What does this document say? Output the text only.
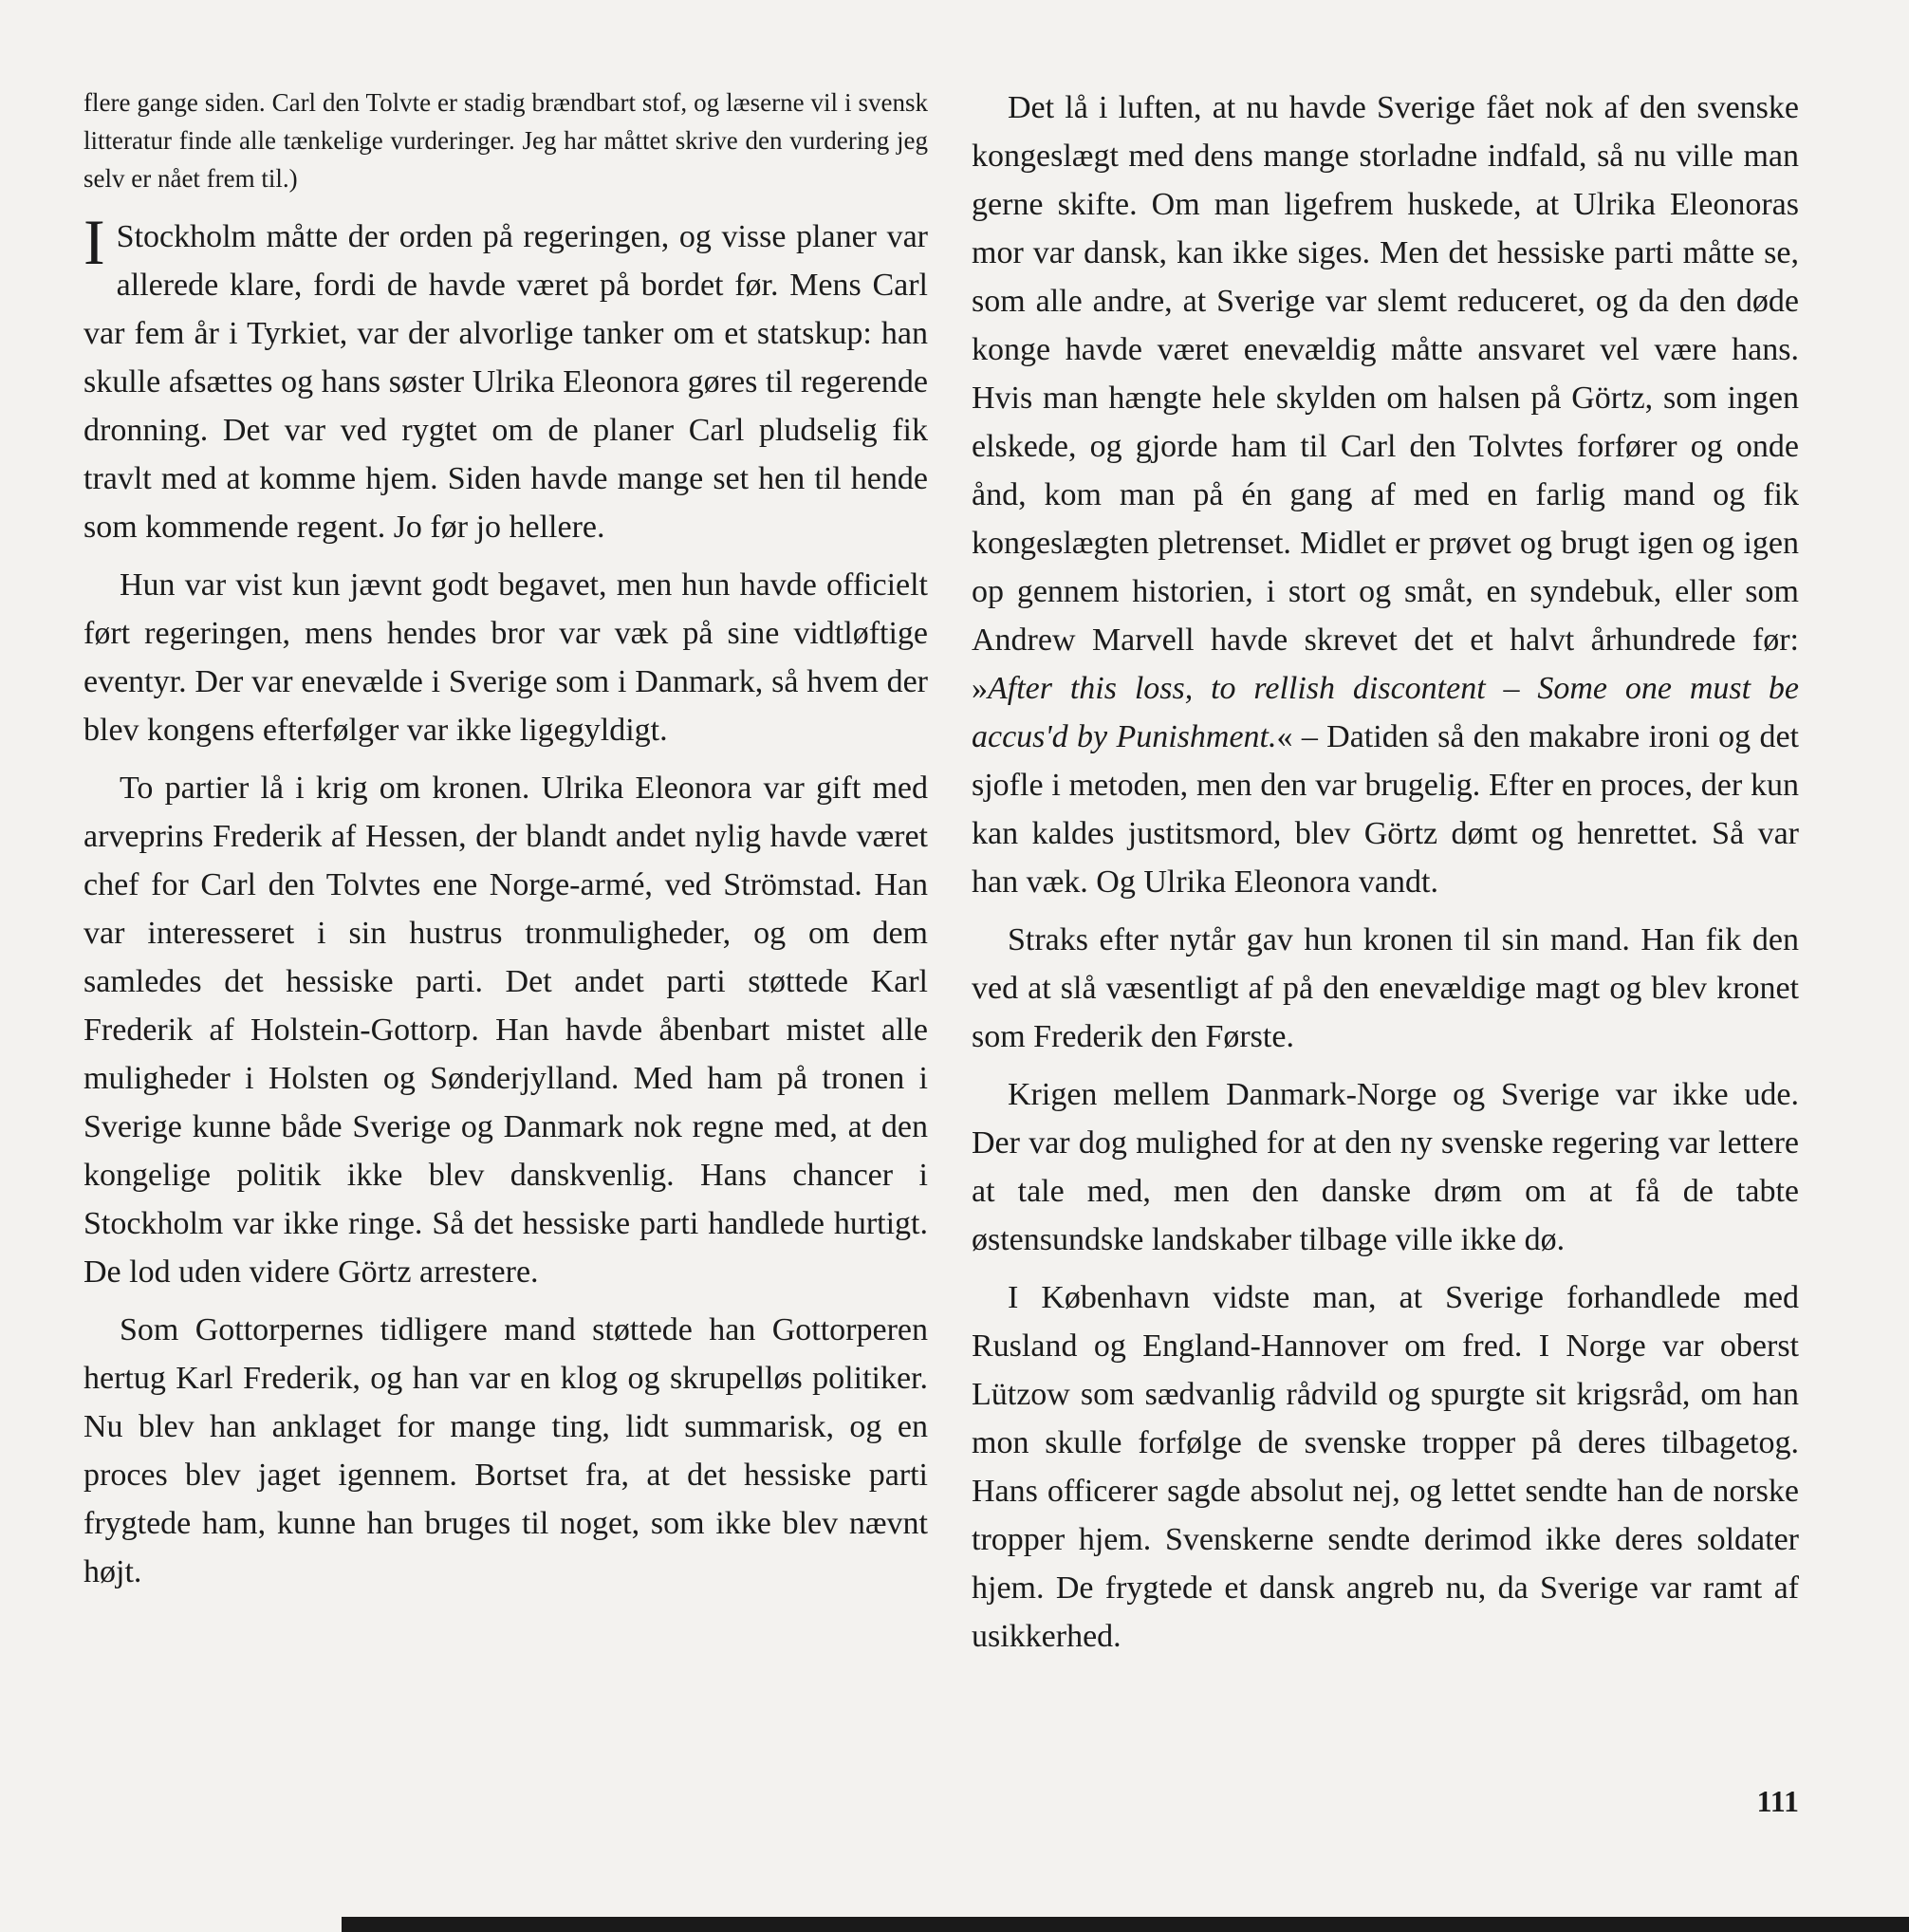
flere gange siden. Carl den Tolvte er stadig brændbart stof, og læserne vil i svensk litteratur finde alle tænkelige vurderinger. Jeg har måttet skrive den vurdering jeg selv er nået frem til.)

I Stockholm måtte der orden på regeringen, og visse planer var allerede klare, fordi de havde været på bordet før. Mens Carl var fem år i Tyrkiet, var der alvorlige tanker om et statskup: han skulle afsættes og hans søster Ulrika Eleonora gøres til regerende dronning. Det var ved rygtet om de planer Carl pludselig fik travlt med at komme hjem. Siden havde mange set hen til hende som kommende regent. Jo før jo hellere.

Hun var vist kun jævnt godt begavet, men hun havde officielt ført regeringen, mens hendes bror var væk på sine vidtløftige eventyr. Der var enevælde i Sverige som i Danmark, så hvem der blev kongens efterfølger var ikke ligegyldigt.

To partier lå i krig om kronen. Ulrika Eleonora var gift med arveprins Frederik af Hessen, der blandt andet nylig havde været chef for Carl den Tolvtes ene Norge-armé, ved Strömstad. Han var interesseret i sin hustrus tronmuligheder, og om dem samledes det hessiske parti. Det andet parti støttede Karl Frederik af Holstein-Gottorp. Han havde åbenbart mistet alle muligheder i Holsten og Sønderjylland. Med ham på tronen i Sverige kunne både Sverige og Danmark nok regne med, at den kongelige politik ikke blev danskvenlig. Hans chancer i Stockholm var ikke ringe. Så det hessiske parti handlede hurtigt. De lod uden videre Görtz arrestere.

Som Gottorpernes tidligere mand støttede han Gottorperen hertug Karl Frederik, og han var en klog og skrupelløs politiker. Nu blev han anklaget for mange ting, lidt summarisk, og en proces blev jaget igennem. Bortset fra, at det hessiske parti frygtede ham, kunne han bruges til noget, som ikke blev nævnt højt.

Det lå i luften, at nu havde Sverige fået nok af den svenske kongeslægt med dens mange storladne indfald, så nu ville man gerne skifte. Om man ligefrem huskede, at Ulrika Eleonoras mor var dansk, kan ikke siges. Men det hessiske parti måtte se, som alle andre, at Sverige var slemt reduceret, og da den døde konge havde været enevældig måtte ansvaret vel være hans. Hvis man hængte hele skylden om halsen på Görtz, som ingen elskede, og gjorde ham til Carl den Tolvtes forfører og onde ånd, kom man på én gang af med en farlig mand og fik kongeslægten pletrenset. Midlet er prøvet og brugt igen og igen op gennem historien, i stort og småt, en syndebuk, eller som Andrew Marvell havde skrevet det et halvt århundrede før: »After this loss, to rellish discontent – Some one must be accus'd by Punishment.« – Datiden så den makabre ironi og det sjofle i metoden, men den var brugelig. Efter en proces, der kun kan kaldes justitsmord, blev Görtz dømt og henrettet. Så var han væk. Og Ulrika Eleonora vandt.

Straks efter nytår gav hun kronen til sin mand. Han fik den ved at slå væsentligt af på den enevældige magt og blev kronet som Frederik den Første.

Krigen mellem Danmark-Norge og Sverige var ikke ude. Der var dog mulighed for at den ny svenske regering var lettere at tale med, men den danske drøm om at få de tabte østensundske landskaber tilbage ville ikke dø.

I København vidste man, at Sverige forhandlede med Rusland og England-Hannover om fred. I Norge var oberst Lützow som sædvanlig rådvild og spurgte sit krigsråd, om han mon skulle forfølge de svenske tropper på deres tilbagetog. Hans officerer sagde absolut nej, og lettet sendte han de norske tropper hjem. Svenskerne sendte derimod ikke deres soldater hjem. De frygtede et dansk angreb nu, da Sverige var ramt af usikkerhed.

111
